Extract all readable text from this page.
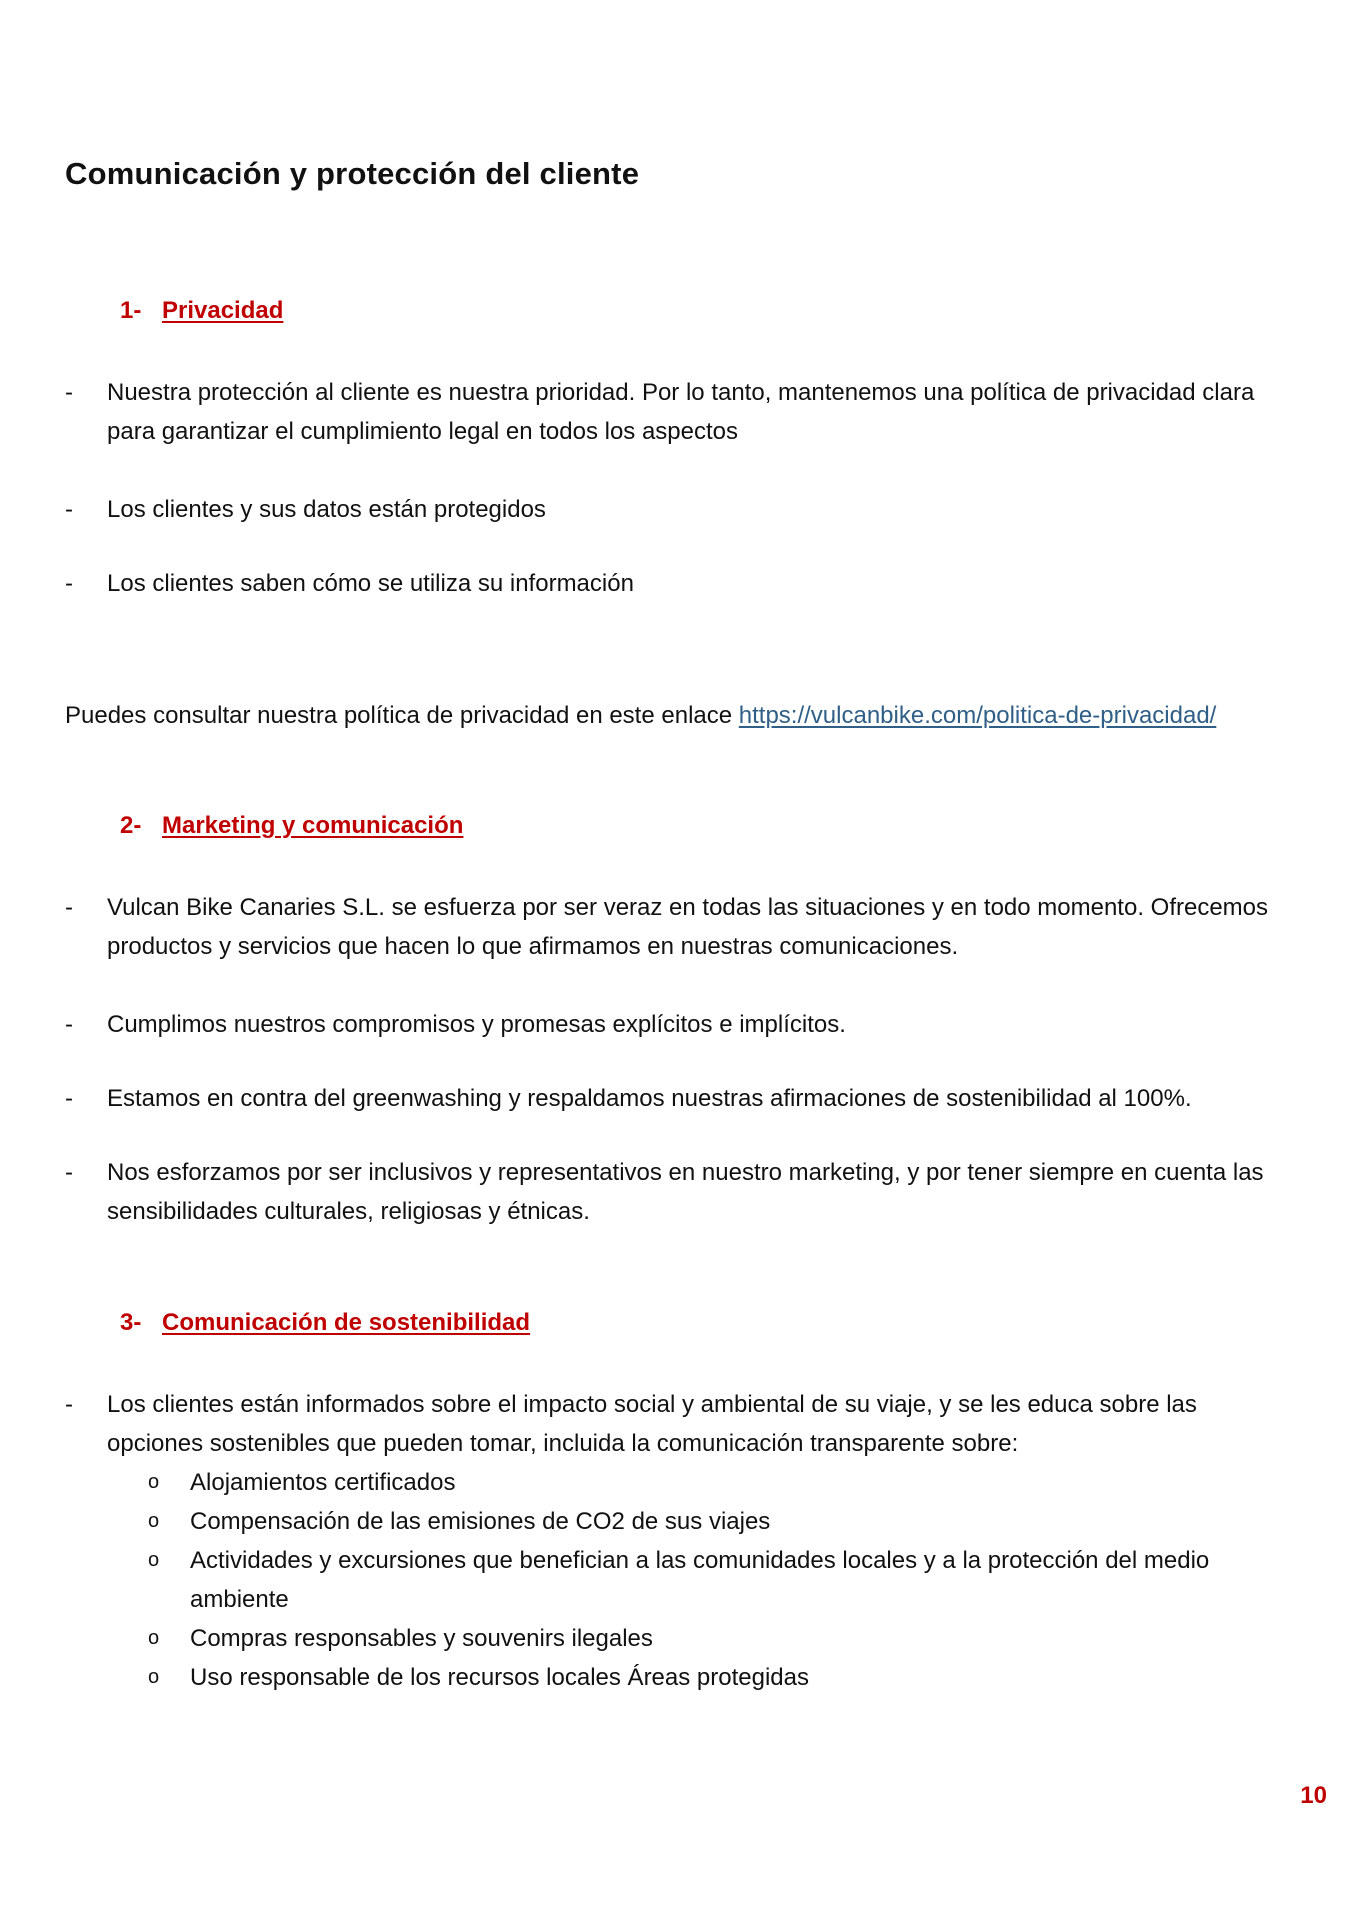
Comunicación y protección del cliente
1- Privacidad
- Nuestra protección al cliente es nuestra prioridad. Por lo tanto, mantenemos una política de privacidad clara para garantizar el cumplimiento legal en todos los aspectos
- Los clientes y sus datos están protegidos
- Los clientes saben cómo se utiliza su información
Puedes consultar nuestra política de privacidad en este enlace https://vulcanbike.com/politica-de-privacidad/
2- Marketing y comunicación
- Vulcan Bike Canaries S.L. se esfuerza por ser veraz en todas las situaciones y en todo momento. Ofrecemos productos y servicios que hacen lo que afirmamos en nuestras comunicaciones.
- Cumplimos nuestros compromisos y promesas explícitos e implícitos.
- Estamos en contra del greenwashing y respaldamos nuestras afirmaciones de sostenibilidad al 100%.
- Nos esforzamos por ser inclusivos y representativos en nuestro marketing, y por tener siempre en cuenta las sensibilidades culturales, religiosas y étnicas.
3- Comunicación de sostenibilidad
- Los clientes están informados sobre el impacto social y ambiental de su viaje, y se les educa sobre las opciones sostenibles que pueden tomar, incluida la comunicación transparente sobre:
o Alojamientos certificados
o Compensación de las emisiones de CO2 de sus viajes
o Actividades y excursiones que benefician a las comunidades locales y a la protección del medio ambiente
o Compras responsables y souvenirs ilegales
o Uso responsable de los recursos locales Áreas protegidas
10
